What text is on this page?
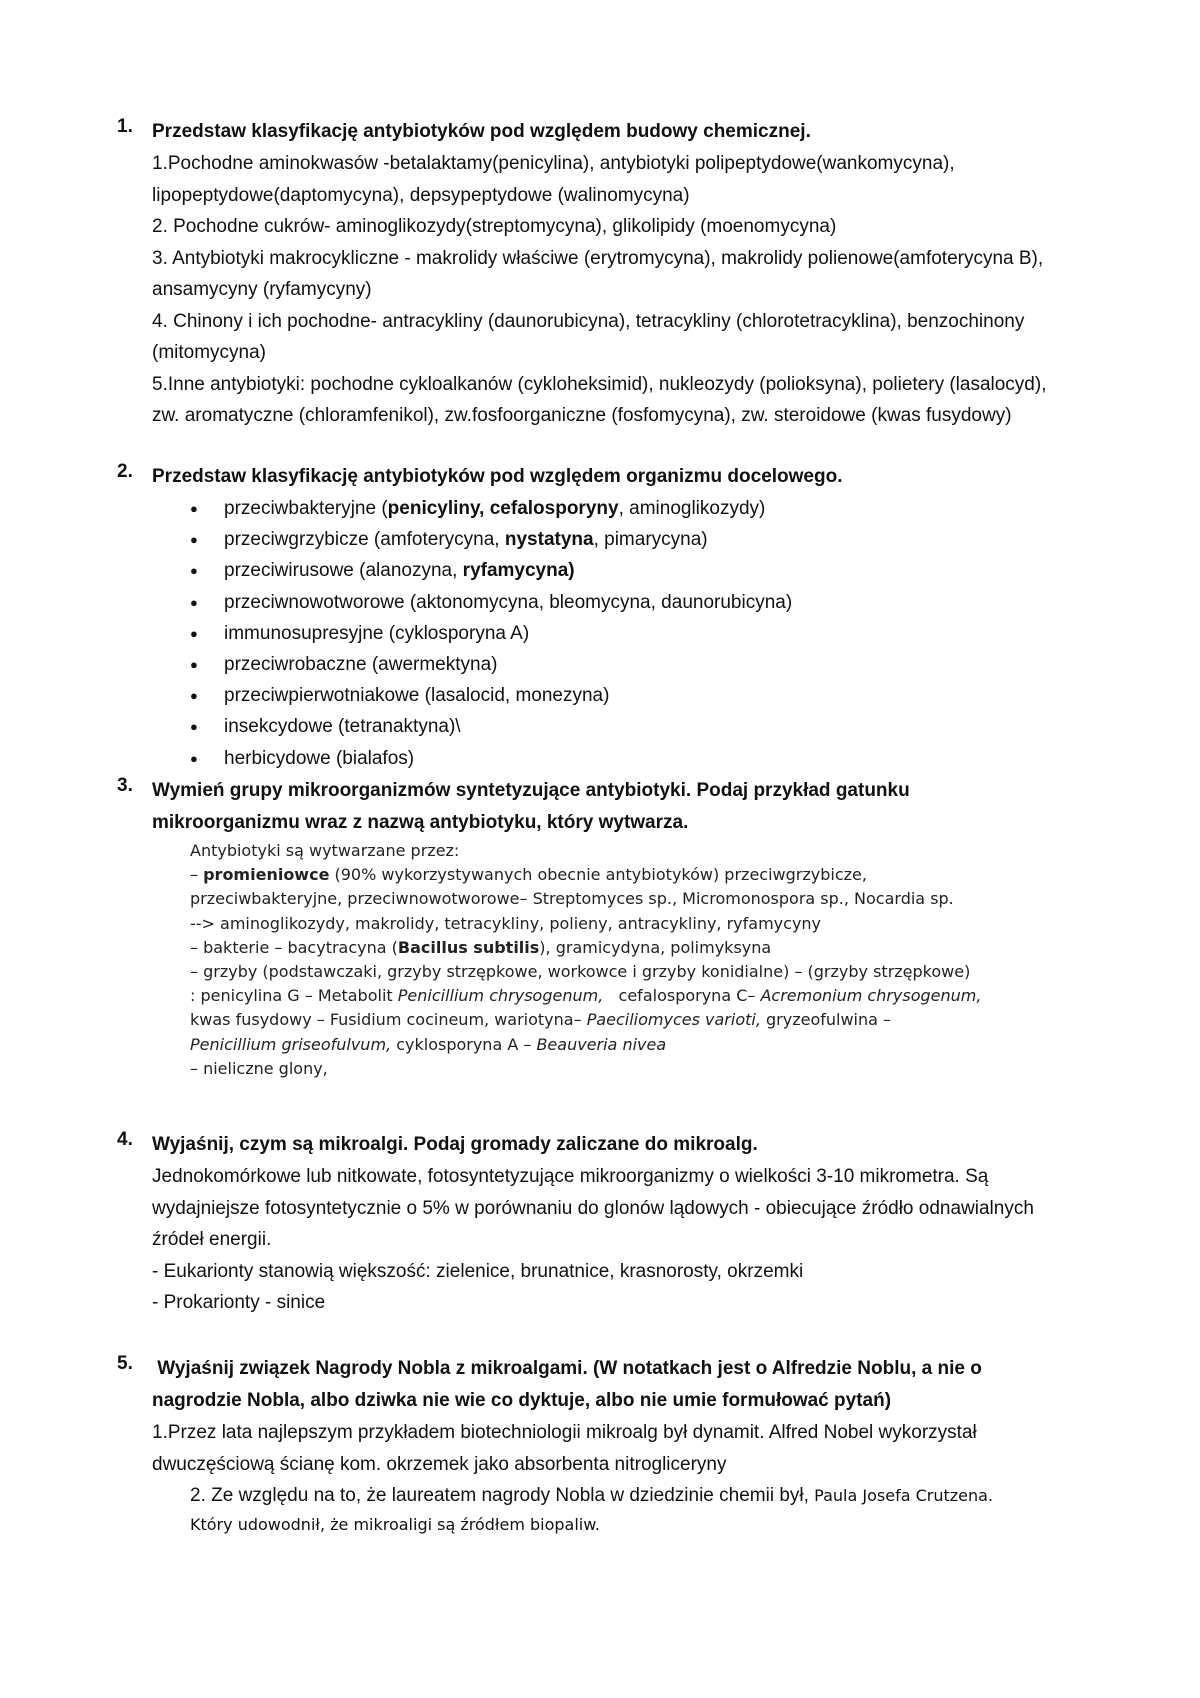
1. Przedstaw klasyfikację antybiotyków pod względem budowy chemicznej.
1.Pochodne aminokwasów -betalaktamy(penicylina), antybiotyki polipeptydowe(wankomycyna),
lipopeptydowe(daptomycyna), depsypeptydowe (walinomycyna)
2. Pochodne cukrów- aminoglikozydy(streptomycyna), glikolipidy (moenomycyna)
3. Antybiotyki makrocykliczne - makrolidy właściwe (erytromycyna), makrolidy polienowe(amfoterycyna B),
ansamycyny (ryfamycyny)
4. Chinony i ich pochodne- antracykliny (daunorubicyna), tetracykliny (chlorotetracyklina), benzochinony
(mitomycyna)
5.Inne antybiotyki: pochodne cykloalkanów (cykloheksimid), nukleozydy (polioksyna), polietery (lasalocyd),
zw. aromatyczne (chloramfenikol), zw.fosfoorganiczne (fosfomycyna), zw. steroidowe (kwas fusydowy)
2. Przedstaw klasyfikację antybiotyków pod względem organizmu docelowego.
● przeciwbakteryjne (penicyliny, cefalosporyny, aminoglikozydy)
● przeciwgrzybicze (amfoterycyna, nystatyna, pimarycyna)
● przeciwirusowe (alanozyna, ryfamycyna)
● przeciwnowotworowe (aktonomycyna, bleomycyna, daunorubicyna)
● immunosupresyjne (cyklosporyna A)
● przeciwrobaczne (awermektyna)
● przeciwpierwotniakowe (lasalocid, monezyna)
● insekcydowe (tetranaktyna)\
● herbicydowe (bialafos)
3. Wymień grupy mikroorganizmów syntetyzujące antybiotyki. Podaj przykład gatunku
mikroorganizmu wraz z nazwą antybiotyku, który wytwarza.
Antybiotyki są wytwarzane przez:
– promieniowce (90% wykorzystywanych obecnie antybiotyków) przeciwgrzybicze,
przeciwbakteryjne, przeciwnowotworowe– Streptomyces sp., Micromonospora sp., Nocardia sp.
--> aminoglikozydy, makrolidy, tetracykliny, polieny, antracykliny, ryfamycyny
– bakterie – bacytracyna (Bacillus subtilis), gramicydyna, polimyksyna
– grzyby (podstawczaki, grzyby strzępkowe, workowce i grzyby konidialne) – (grzyby strzępkowe)
: penicylina G – Metabolit Penicillium chrysogenum,   cefalosporyna C– Acremonium chrysogenum,
kwas fusydowy – Fusidium cocineum, wariotyna– Paeciliomyces varioti, gryzeofulwina –
Penicillium griseofulvum, cyklosporyna A – Beauveria nivea
– nieliczne glony,
4. Wyjaśnij, czym są mikroalgi. Podaj gromady zaliczane do mikroalg.
Jednokomórkowe lub nitkowate, fotosyntetyzujące mikroorganizmy o wielkości 3-10 mikrometra. Są
wydajniejsze fotosyntetycznie o 5% w porównaniu do glonów lądowych - obiecujące źródło odnawialnych
źródeł energii.
- Eukarionty stanowią większość: zielenice, brunatnice, krasnorosty, okrzemki
- Prokarionty - sinice
5. Wyjaśnij związek Nagrody Nobla z mikroalgami. (W notatkach jest o Alfredzie Noblu, a nie o
nagrodzie Nobla, albo dziwka nie wie co dyktuje, albo nie umie formułować pytań)
1.Przez lata najlepszym przykładem biotechniologii mikroalg był dynamit. Alfred Nobel wykorzystał
dwuczęściową ścianę kom. okrzemek jako absorbenta nitrogliceryny
2. Ze względu na to, że laureatem nagrody Nobla w dziedzinie chemii był, Paula Josefa Crutzena.
Który udowodnił, że mikroaligi są źródłem biopaliw.
